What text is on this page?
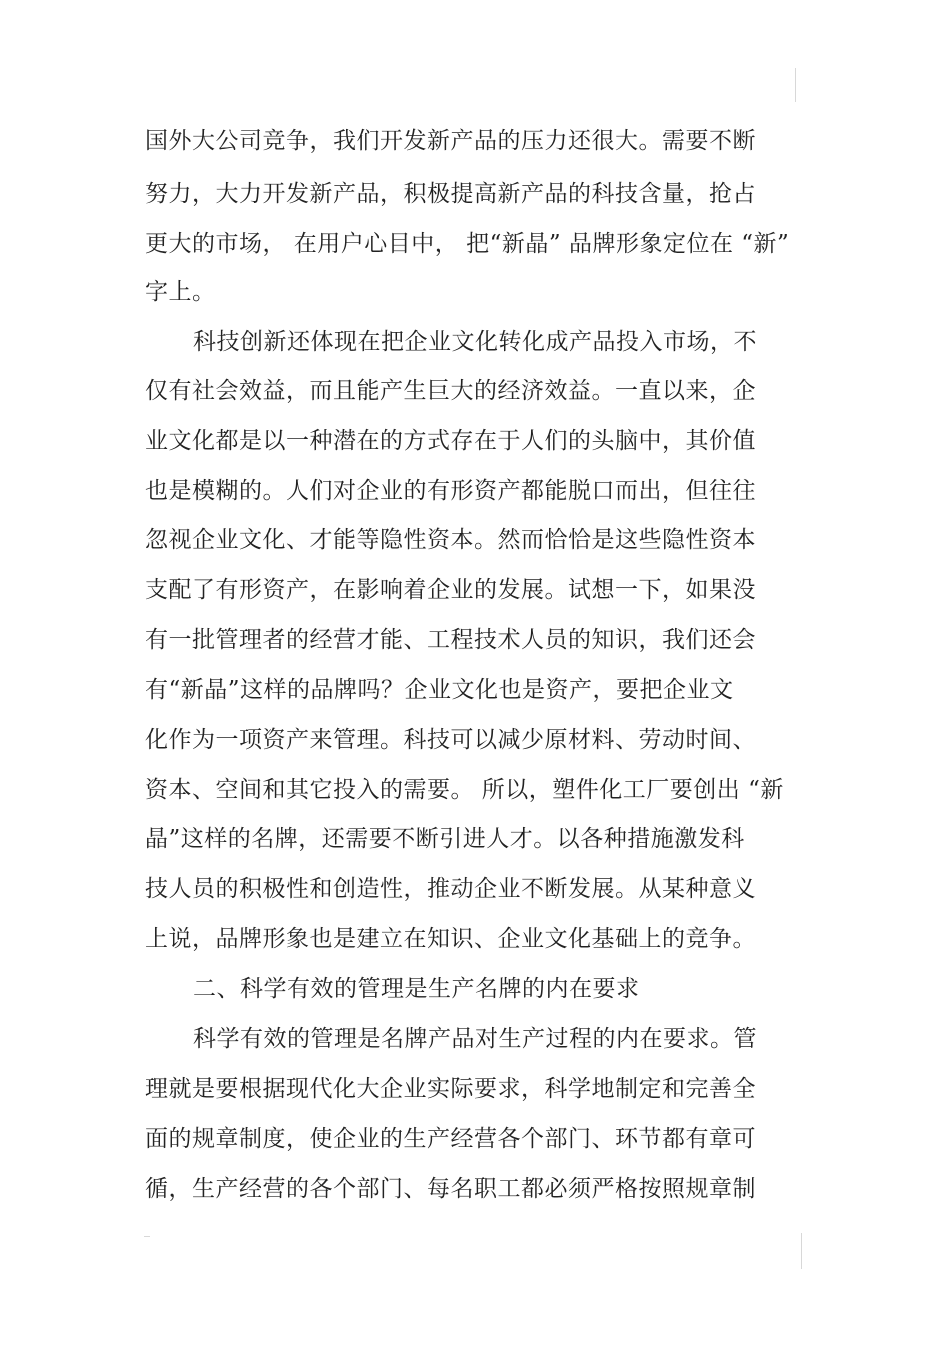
国外大公司竞争，我们开发新产品的压力还很大。需要不断
努力，大力开发新产品，积极提高新产品的科技含量，抢占
更大的市场， 在用户心目中， 把“新晶” 品牌形象定位在 “新”
字上。
科技创新还体现在把企业文化转化成产品投入市场，不
仅有社会效益，而且能产生巨大的经济效益。一直以来，企
业文化都是以一种潜在的方式存在于人们的头脑中，其价值
也是模糊的。人们对企业的有形资产都能脱口而出，但往往
忽视企业文化、才能等隐性资本。然而恰恰是这些隐性资本
支配了有形资产，在影响着企业的发展。试想一下，如果没
有一批管理者的经营才能、工程技术人员的知识，我们还会
有“新晶”这样的品牌吗？企业文化也是资产，要把企业文
化作为一项资产来管理。科技可以减少原材料、劳动时间、
资本、空间和其它投入的需要。 所以，塑件化工厂要创出 “新
晶”这样的名牌，还需要不断引进人才。以各种措施激发科
技人员的积极性和创造性，推动企业不断发展。从某种意义
上说，品牌形象也是建立在知识、企业文化基础上的竞争。
二、科学有效的管理是生产名牌的内在要求
科学有效的管理是名牌产品对生产过程的内在要求。管
理就是要根据现代化大企业实际要求，科学地制定和完善全
面的规章制度，使企业的生产经营各个部门、环节都有章可
循，生产经营的各个部门、每名职工都必须严格按照规章制
